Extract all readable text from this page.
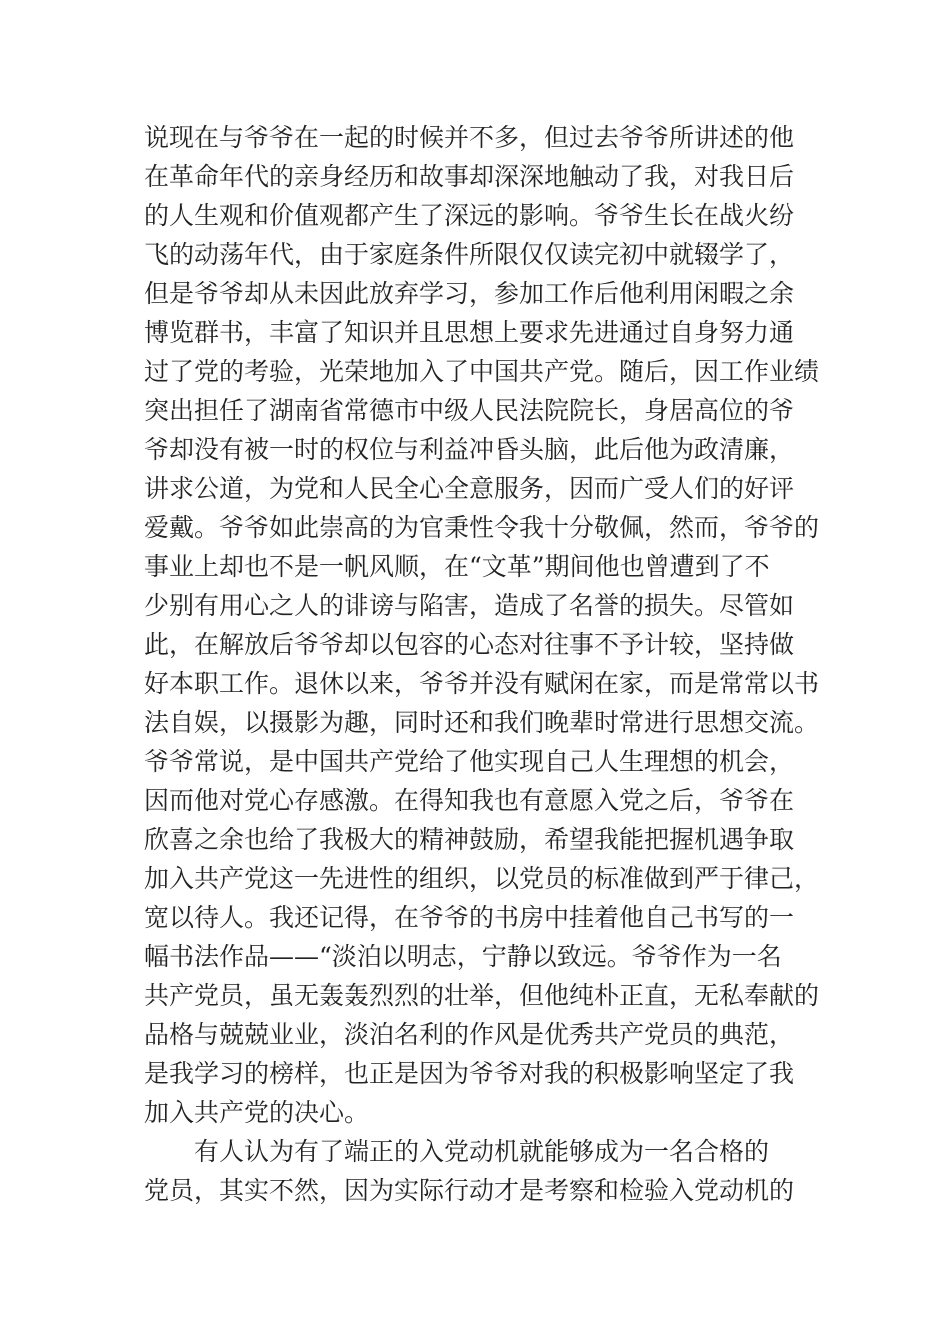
说现在与爷爷在一起的时候并不多，但过去爷爷所讲述的他
在革命年代的亲身经历和故事却深深地触动了我，对我日后
的人生观和价值观都产生了深远的影响。爷爷生长在战火纷
飞的动荡年代，由于家庭条件所限仅仅读完初中就辍学了，
但是爷爷却从未因此放弃学习，参加工作后他利用闲暇之余
博览群书，丰富了知识并且思想上要求先进通过自身努力通
过了党的考验，光荣地加入了中国共产党。随后，因工作业绩
突出担任了湖南省常德市中级人民法院院长，身居高位的爷
爷却没有被一时的权位与利益冲昏头脑，此后他为政清廉，
讲求公道，为党和人民全心全意服务，因而广受人们的好评
爱戴。爷爷如此崇高的为官秉性令我十分敬佩，然而，爷爷的
事业上却也不是一帆风顺，在“文革”期间他也曾遭到了不
少别有用心之人的诽谤与陷害，造成了名誉的损失。尽管如
此，在解放后爷爷却以包容的心态对往事不予计较，坚持做
好本职工作。退休以来，爷爷并没有赋闲在家，而是常常以书
法自娱，以摄影为趣，同时还和我们晚辈时常进行思想交流。
爷爷常说，是中国共产党给了他实现自己人生理想的机会，
因而他对党心存感激。在得知我也有意愿入党之后，爷爷在
欣喜之余也给了我极大的精神鼓励，希望我能把握机遇争取
加入共产党这一先进性的组织，以党员的标准做到严于律己，
宽以待人。我还记得，在爷爷的书房中挂着他自己书写的一
幅书法作品——“淡泊以明志，宁静以致远。爷爷作为一名
共产党员，虽无轰轰烈烈的壮举，但他纯朴正直，无私奉献的
品格与兢兢业业，淡泊名利的作风是优秀共产党员的典范，
是我学习的榜样，也正是因为爷爷对我的积极影响坚定了我
加入共产党的决心。
　　有人认为有了端正的入党动机就能够成为一名合格的
党员，其实不然，因为实际行动才是考察和检验入党动机的
